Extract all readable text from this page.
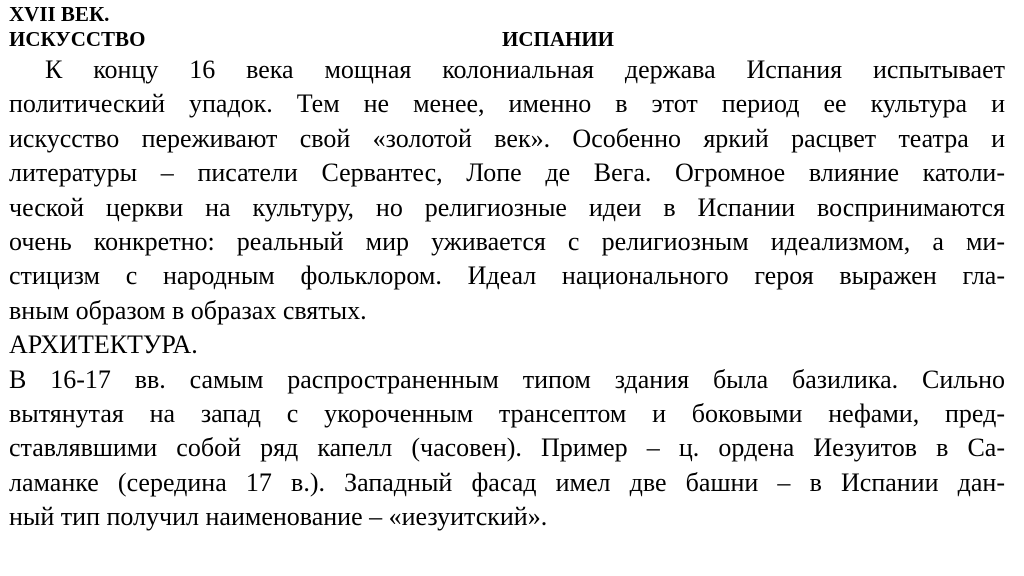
XVII ВЕК.
ИСКУССТВО	ИСПАНИИ
К концу 16 века мощная колониальная держава Испания испытывает
политический упадок. Тем не менее, именно в этот период ее культура и
искусство переживают свой «золотой век». Особенно яркий расцвет театра и
литературы – писатели Сервантес, Лопе де Вега. Огромное влияние католи-
ческой церкви на культуру, но религиозные идеи в Испании воспринимаются
очень конкретно: реальный мир уживается с религиозным идеализмом, а ми-
стицизм с народным фольклором. Идеал национального героя выражен гла-
вным образом в образах святых.
АРХИТЕКТУРА.
В 16-17 вв. самым распространенным типом здания была базилика. Сильно
вытянутая на запад с укороченным трансептом и боковыми нефами, пред-
ставлявшими собой ряд капелл (часовен). Пример – ц. ордена Иезуитов в Са-
ламанке (середина 17 в.). Западный фасад имел две башни – в Испании дан-
ный тип получил наименование – «иезуитский».
